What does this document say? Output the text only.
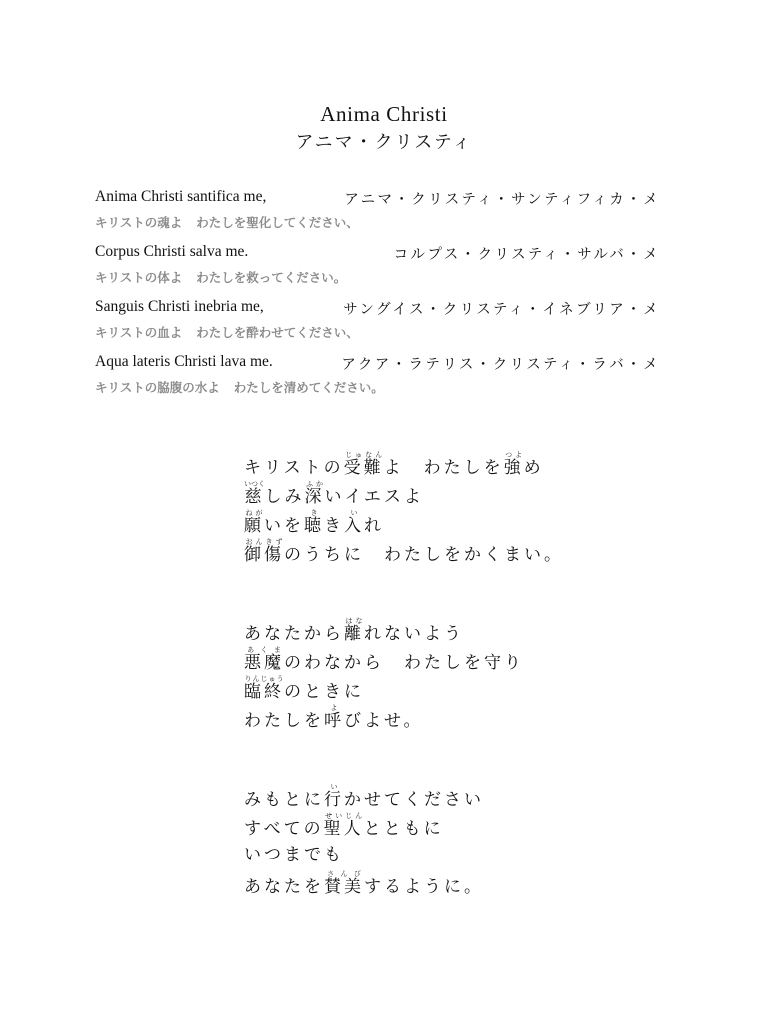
Anima Christi
アニマ・クリスティ
Anima Christi santifica me,	アニマ・クリスティ・サンティフィカ・メ
キリストの魂よ わたしを聖化してください、
Corpus Christi salva me.	コルプス・クリスティ・サルバ・メ
キリストの体よ わたしを救ってください。
Sanguis Christi inebria me,	サングイス・クリスティ・イネブリア・メ
キリストの血よ わたしを酔わせてください、
Aqua lateris Christi lava me.	アクア・ラテリス・クリスティ・ラバ・メ
キリストの脇腹の水よ わたしを清めてください。
キリストの受難じゅなんよ　わたしを強つよめ
慈いつくしみ深ふかいイエスよ
願ねがいを聴きき入いれ
御傷おんきずのうちに　わたしをかくまい。
あなたから離はなれないよう
悪魔あくまのわなから　わたしを守り
臨終りんじゅうのときに
わたしを呼よびよせ。
みもとに行いかせてください
すべての聖人せいじんとともに
いつまでも
あなたを賛美さんびするように。
